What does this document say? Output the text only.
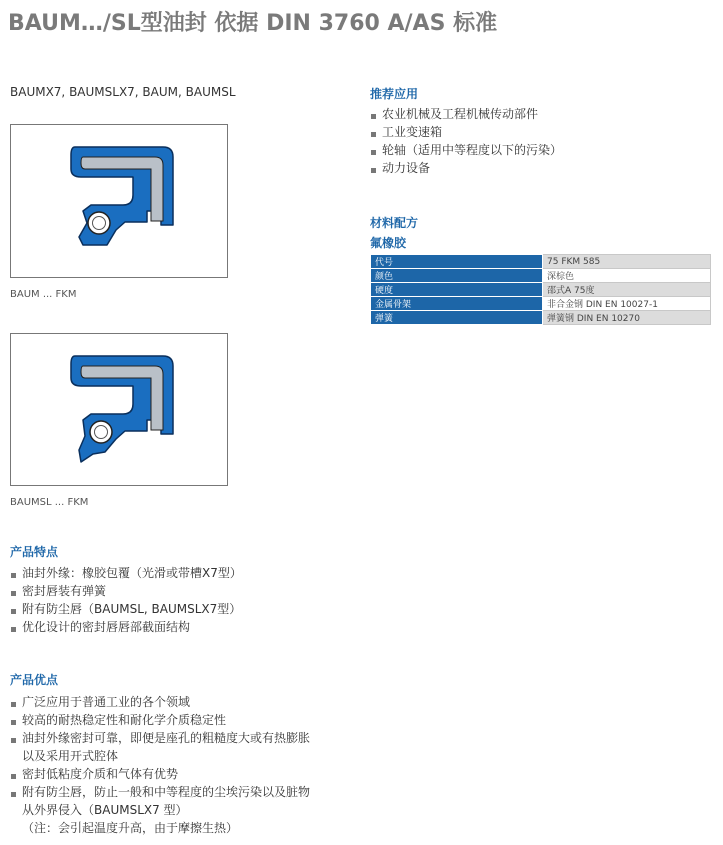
BAUM…/SL型油封 依据 DIN 3760 A/AS 标准
BAUMX7, BAUMSLX7, BAUM, BAUMSL
BAUM ... FKM
BAUMSL ... FKM
推荐应用
农业机械及工程机械传动部件
工业变速箱
轮轴（适用中等程度以下的污染）
动力设备
材料配方
氟橡胶
代号	75 FKM 585
颜色	深棕色
硬度	邵式A 75度
金属骨架	非合金钢 DIN EN 10027-1
弹簧	弹簧钢 DIN EN 10270
产品特点
油封外缘：橡胶包覆（光滑或带槽X7型）
密封唇装有弹簧
附有防尘唇（BAUMSL, BAUMSLX7型）
优化设计的密封唇唇部截面结构
产品优点
广泛应用于普通工业的各个领域
较高的耐热稳定性和耐化学介质稳定性
油封外缘密封可靠，即便是座孔的粗糙度大或有热膨胀
以及采用开式腔体
密封低粘度介质和气体有优势
附有防尘唇，防止一般和中等程度的尘埃污染以及脏物
从外界侵入（BAUMSLX7 型）
（注：会引起温度升高，由于摩擦生热）
